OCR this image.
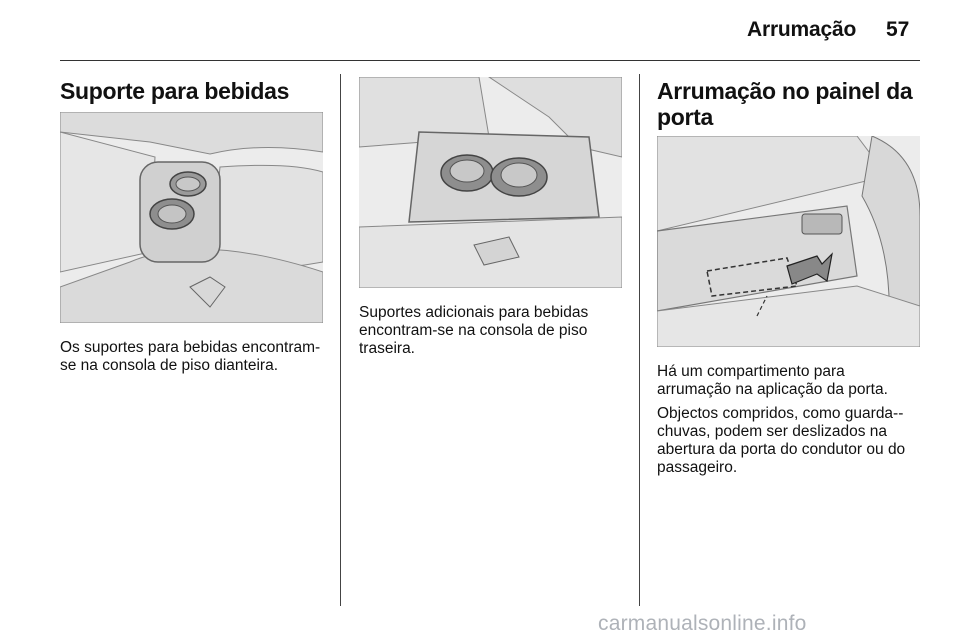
Arrumação 57
Suporte para bebidas

Os suportes para bebidas encontram-se na consola de piso dianteira.

Suportes adicionais para bebidas encontram-se na consola de piso traseira.

Arrumação no painel da porta

Há um compartimento para arrumação na aplicação da porta.

Objectos compridos, como guarda--chuvas, podem ser deslizados na abertura da porta do condutor ou do passageiro.

carmanualsonline.info
